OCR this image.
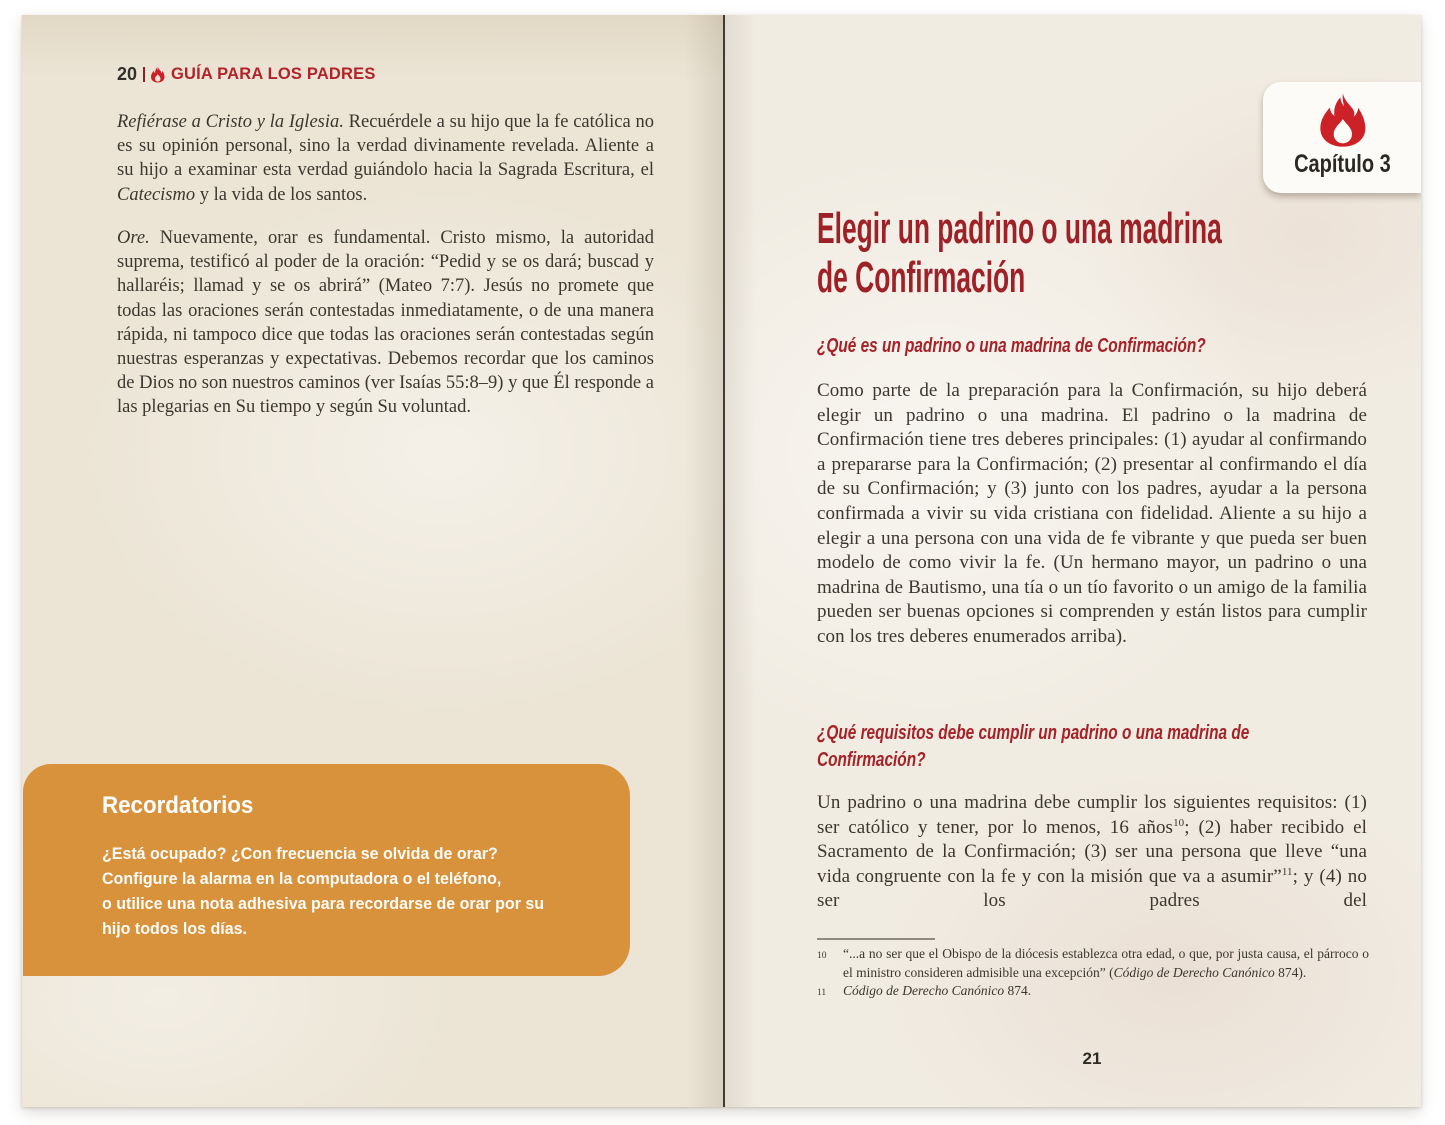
20 GUÍA PARA LOS PADRES

Refiérase a Cristo y la Iglesia. Recuérdele a su hijo que la fe católica no es su opinión personal, sino la verdad divinamente revelada. Aliente a su hijo a examinar esta verdad guiándolo hacia la Sagrada Escritura, el Catecismo y la vida de los santos.

Ore. Nuevamente, orar es fundamental. Cristo mismo, la autoridad suprema, testificó al poder de la oración: “Pedid y se os dará; buscad y hallaréis; llamad y se os abrirá” (Mateo 7:7). Jesús no promete que todas las oraciones serán contestadas inmediatamente, o de una manera rápida, ni tampoco dice que todas las oraciones serán contestadas según nuestras esperanzas y expectativas. Debemos recordar que los caminos de Dios no son nuestros caminos (ver Isaías 55:8–9) y que Él responde a las plegarias en Su tiempo y según Su voluntad.

Recordatorios
¿Está ocupado? ¿Con frecuencia se olvida de orar?
Configure la alarma en la computadora o el teléfono,
o utilice una nota adhesiva para recordarse de orar por su
hijo todos los días.
Capítulo 3
Elegir un padrino o una madrina
de Confirmación
¿Qué es un padrino o una madrina de Confirmación?

Como parte de la preparación para la Confirmación, su hijo deberá elegir un padrino o una madrina. El padrino o la madrina de Confirmación tiene tres deberes principales: (1) ayudar al confirmando a prepararse para la Confirmación; (2) presentar al confirmando el día de su Confirmación; y (3) junto con los padres, ayudar a la persona confirmada a vivir su vida cristiana con fidelidad. Aliente a su hijo a elegir a una persona con una vida de fe vibrante y que pueda ser buen modelo de como vivir la fe. (Un hermano mayor, un padrino o una madrina de Bautismo, una tía o un tío favorito o un amigo de la familia pueden ser buenas opciones si comprenden y están listos para cumplir con los tres deberes enumerados arriba).

¿Qué requisitos debe cumplir un padrino o una madrina de
Confirmación?

Un padrino o una madrina debe cumplir los siguientes requisitos: (1) ser católico y tener, por lo menos, 16 años$^{10}$; (2) haber recibido el Sacramento de la Confirmación; (3) ser una persona que lleve “una vida congruente con la fe y con la misión que va a asumir”$^{11}$; y (4) no ser los padres del

10	“...a no ser que el Obispo de la diócesis establezca otra edad, o que, por justa causa, el párroco o el ministro consideren admisible una excepción” (Código de Derecho Canónico 874).
11	Código de Derecho Canónico 874.
21
